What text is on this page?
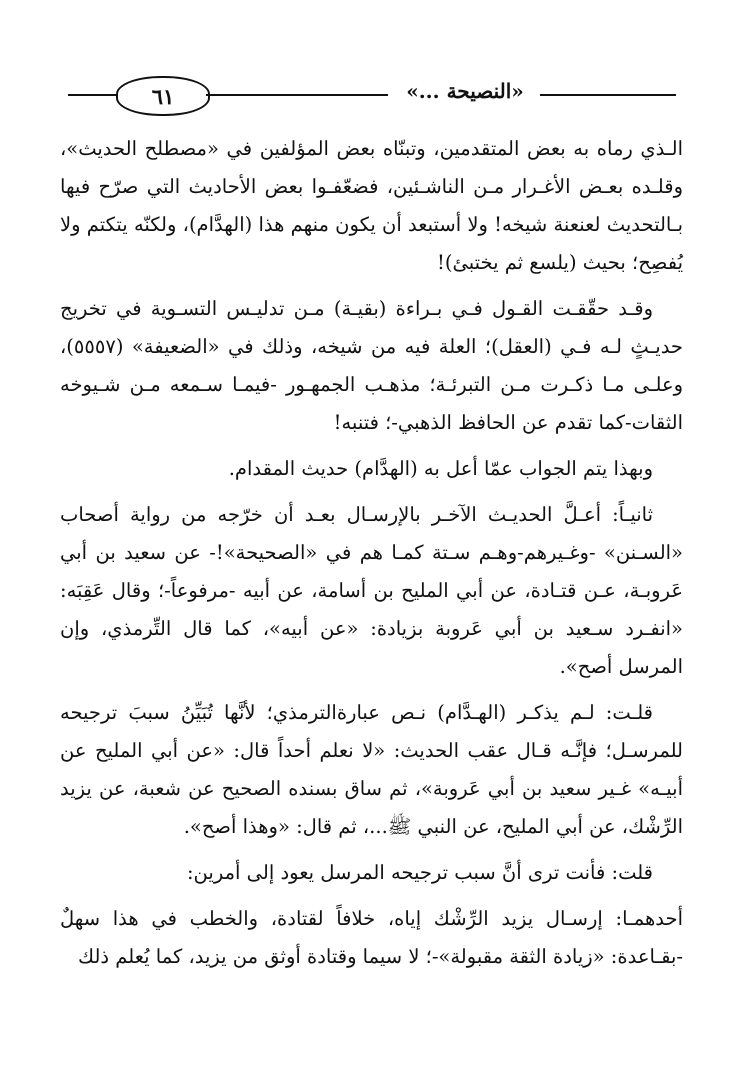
٦١	«النصيحة ...»

الـذي رماه به بعض المتقدمين، وتبنّاه بعض المؤلفين في «مصطلح الحديث»، وقلـده بعـض الأغـرار مـن الناشـئين، فضعّفـوا بعض الأحاديث التي صرّح فيها بـالتحديث لعنعنة شيخه! ولا أستبعد أن يكون منهم هذا (الهدَّام)، ولكنّه يتكتم ولا يُفصِح؛ بحيث (يلسع ثم يختبئ)!

وقـد حقّقـت القـول فـي بـراءة (بقيـة) مـن تدليـس التسـوية في تخريج حديـثٍ لـه فـي (العقل)؛ العلة فيه من شيخه، وذلك في «الضعيفة» (٥٥٥٧)، وعلـى مـا ذكـرت مـن التبرئـة؛ مذهـب الجمهـور -فيمـا سـمعه مـن شـيوخه الثقات-كما تقدم عن الحافظ الذهبي-؛ فتنبه!

وبهذا يتم الجواب عمّا أعل به (الهدَّام) حديث المقدام.

ثانيـاً: أعـلَّ الحديـث الآخـر بالإرسـال بعـد أن خرّجه من رواية أصحاب «السـنن» -وغـيرهم-وهـم سـتة كمـا هم في «الصحيحة»!- عن سعيد بن أبي عَروبـة، عـن قتـادة، عن أبي المليح بن أسامة، عن أبيه -مرفوعاً-؛ وقال عَقِبَه: «انفـرد سـعيد بن أبي عَروبة بزيادة: «عن أبيه»، كما قال التِّرمذي، وإن المرسل أصح».

قلـت: لـم يذكـر (الهـدَّام) نـص عبارةالترمذي؛ لأنَّها تُبَيِّنُ سببَ ترجيحه للمرسـل؛ فإنَّـه قـال عقب الحديث: «لا نعلم أحداً قال: «عن أبي المليح عن أبيـه» غـير سعيد بن أبي عَروبة»، ثم ساق بسنده الصحيح عن شعبة، عن يزيد الرِّشْك، عن أبي المليح، عن النبي ﷺ...، ثم قال: «وهذا أصح».

قلت: فأنت ترى أنَّ سبب ترجيحه المرسل يعود إلى أمرين:

أحدهمـا: إرسـال يزيد الرِّشْك إياه، خلافاً لقتادة، والخطب في هذا سهلٌ -بقـاعدة: «زيادة الثقة مقبولة»-؛ لا سيما وقتادة أوثق من يزيد، كما يُعلم ذلك
